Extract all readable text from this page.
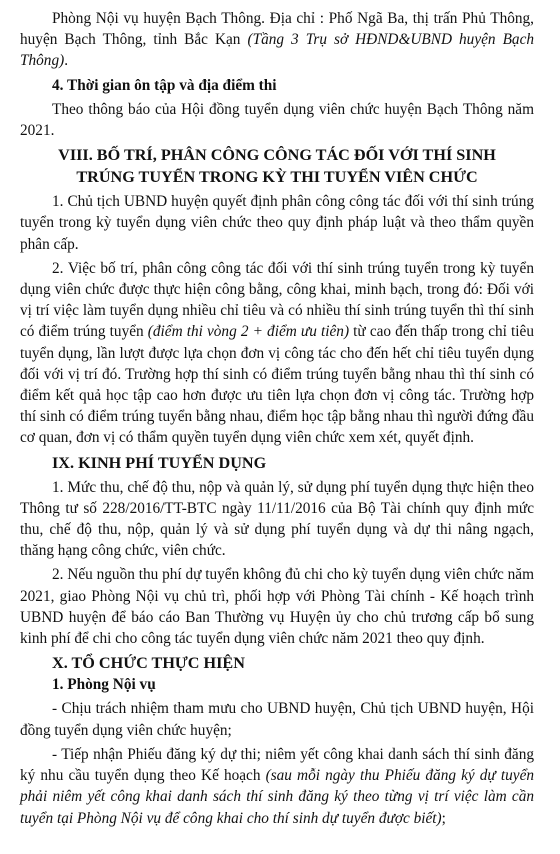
Phòng Nội vụ huyện Bạch Thông. Địa chỉ : Phố Ngã Ba, thị trấn Phủ Thông, huyện Bạch Thông, tỉnh Bắc Kạn (Tầng 3 Trụ sở HĐND&UBND huyện Bạch Thông).

4. Thời gian ôn tập và địa điểm thi

Theo thông báo của Hội đồng tuyển dụng viên chức huyện Bạch Thông năm 2021.

VIII. BỐ TRÍ, PHÂN CÔNG CÔNG TÁC ĐỐI VỚI THÍ SINH

TRÚNG TUYỂN TRONG KỲ THI TUYỂN VIÊN CHỨC

1. Chủ tịch UBND huyện quyết định phân công công tác đối với thí sinh trúng tuyển trong kỳ tuyển dụng viên chức theo quy định pháp luật và theo thẩm quyền phân cấp.

2. Việc bố trí, phân công công tác đối với thí sinh trúng tuyển trong kỳ tuyển dụng viên chức được thực hiện công bằng, công khai, minh bạch, trong đó: Đối với vị trí việc làm tuyển dụng nhiều chỉ tiêu và có nhiều thí sinh trúng tuyển thì thí sinh có điểm trúng tuyển (điểm thi vòng 2 + điểm ưu tiên) từ cao đến thấp trong chỉ tiêu tuyển dụng, lần lượt được lựa chọn đơn vị công tác cho đến hết chỉ tiêu tuyển dụng đối với vị trí đó. Trường hợp thí sinh có điểm trúng tuyển bằng nhau thì thí sinh có điểm kết quả học tập cao hơn được ưu tiên lựa chọn đơn vị công tác. Trường hợp thí sinh có điểm trúng tuyển bằng nhau, điểm học tập bằng nhau thì người đứng đầu cơ quan, đơn vị có thẩm quyền tuyển dụng viên chức xem xét, quyết định.

IX. KINH PHÍ TUYỂN DỤNG

1. Mức thu, chế độ thu, nộp và quản lý, sử dụng phí tuyển dụng thực hiện theo Thông tư số 228/2016/TT-BTC ngày 11/11/2016 của Bộ Tài chính quy định mức thu, chế độ thu, nộp, quản lý và sử dụng phí tuyển dụng và dự thi nâng ngạch, thăng hạng công chức, viên chức.

2. Nếu nguồn thu phí dự tuyển không đủ chi cho kỳ tuyển dụng viên chức năm 2021, giao Phòng Nội vụ chủ trì, phối hợp với Phòng Tài chính - Kế hoạch trình UBND huyện để báo cáo Ban Thường vụ Huyện ủy cho chủ trương cấp bổ sung kinh phí để chi cho công tác tuyển dụng viên chức năm 2021 theo quy định.

X. TỔ CHỨC THỰC HIỆN

1. Phòng Nội vụ

- Chịu trách nhiệm tham mưu cho UBND huyện, Chủ tịch UBND huyện, Hội đồng tuyển dụng viên chức huyện;

- Tiếp nhận Phiếu đăng ký dự thi; niêm yết công khai danh sách thí sinh đăng ký nhu cầu tuyển dụng theo Kế hoạch (sau mỗi ngày thu Phiếu đăng ký dự tuyển phải niêm yết công khai danh sách thí sinh đăng ký theo từng vị trí việc làm cần tuyển tại Phòng Nội vụ để công khai cho thí sinh dự tuyển được biết);
